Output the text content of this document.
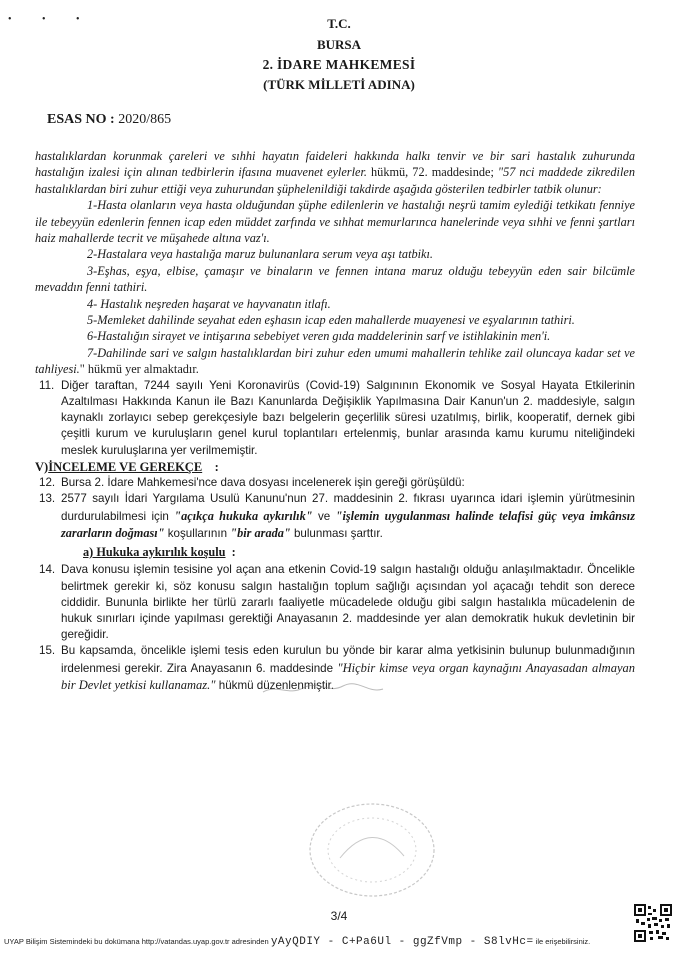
• • •	T.C.
BURSA
2. İDARE MAHKEMESİ
(TÜRK MİLLETİ ADINA)
ESAS NO : 2020/865

hastalıklardan korunmak çareleri ve sıhhi hayatın faideleri hakkında halkı tenvir ve bir sari hastalık zuhurunda hastalığın izalesi için alınan tedbirlerin ifasına muavenet eylerler. hükmü, 72. maddesinde; "57 nci maddede zikredilen hastalıklardan biri zuhur ettiği veya zuhurundan şüphelenildiği takdirde aşağıda gösterilen tedbirler tatbik olunur:

1-Hasta olanların veya hasta olduğundan şüphe edilenlerin ve hastalığı neşrü tamim eylediği tetkikatı fenniye ile tebeyyün edenlerin fennen icap eden müddet zarfında ve sıhhat memurlarınca hanelerinde veya sıhhi ve fenni şartları haiz mahallerde tecrit ve müşahede altına vaz'ı.

2-Hastalara veya hastalığa maruz bulunanlara serum veya aşı tatbikı.

3-Eşhas, eşya, elbise, çamaşır ve binaların ve fennen intana maruz olduğu tebeyyün eden sair bilcümle mevaddın fenni tathiri.

4- Hastalık neşreden haşarat ve hayvanatın itlafı.

5-Memleket dahilinde seyahat eden eşhasın icap eden mahallerde muayenesi ve eşyalarının tathiri.

6-Hastalığın sirayet ve intişarına sebebiyet veren gıda maddelerinin sarf ve istihlakinin men'i.

7-Dahilinde sari ve salgın hastalıklardan biri zuhur eden umumi mahallerin tehlike zail oluncaya kadar set ve tahliyesi." hükmü yer almaktadır.

11. Diğer taraftan, 7244 sayılı Yeni Koronavirüs (Covid-19) Salgınının Ekonomik ve Sosyal Hayata Etkilerinin Azaltılması Hakkında Kanun ile Bazı Kanunlarda Değişiklik Yapılmasına Dair Kanun'un 2. maddesiyle, salgın kaynaklı zorlayıcı sebep gerekçesiyle bazı belgelerin geçerlilik süresi uzatılmış, birlik, kooperatif, dernek gibi çeşitli kurum ve kuruluşların genel kurul toplantıları ertelenmiş, bunlar arasında kamu kurumu niteliğindeki meslek kuruluşlarına yer verilmemiştir.

V)İNCELEME VE GEREKÇE    :

12. Bursa 2. İdare Mahkemesi'nce dava dosyası incelenerek işin gereği görüşüldü:
13. 2577 sayılı İdari Yargılama Usulü Kanunu'nun 27. maddesinin 2. fıkrası uyarınca idari işlemin yürütmesinin durdurulabilmesi için "açıkça hukuka aykırılık" ve "işlemin uygulanması halinde telafisi güç veya imkânsız zararların doğması" koşullarının "bir arada" bulunması şarttır.

a) Hukuka aykırılık koşulu  :

14. Dava konusu işlemin tesisine yol açan ana etkenin Covid-19 salgın hastalığı olduğu anlaşılmaktadır. Öncelikle belirtmek gerekir ki, söz konusu salgın hastalığın toplum sağlığı açısından yol açacağı tehdit son derece ciddidir. Bununla birlikte her türlü zararlı faaliyetle mücadelede olduğu gibi salgın hastalıkla mücadelenin de hukuk sınırları içinde yapılması gerektiği Anayasanın 2. maddesinde yer alan demokratik hukuk devletinin bir gereğidir.
15. Bu kapsamda, öncelikle işlemi tesis eden kurulun bu yönde bir karar alma yetkisinin bulunup bulunmadığının irdelenmesi gerekir. Zira Anayasanın 6. maddesinde "Hiçbir kimse veya organ kaynağını Anayasadan almayan bir Devlet yetkisi kullanamaz." hükmü düzenlenmiştir.
3/4
UYAP Bilişim Sistemindeki bu dokümana http://vatandas.uyap.gov.tr adresinden yAyQDIY - C+Pa6Ul - ggZfVmp - S8lvHc= ile erişebilirsiniz.
